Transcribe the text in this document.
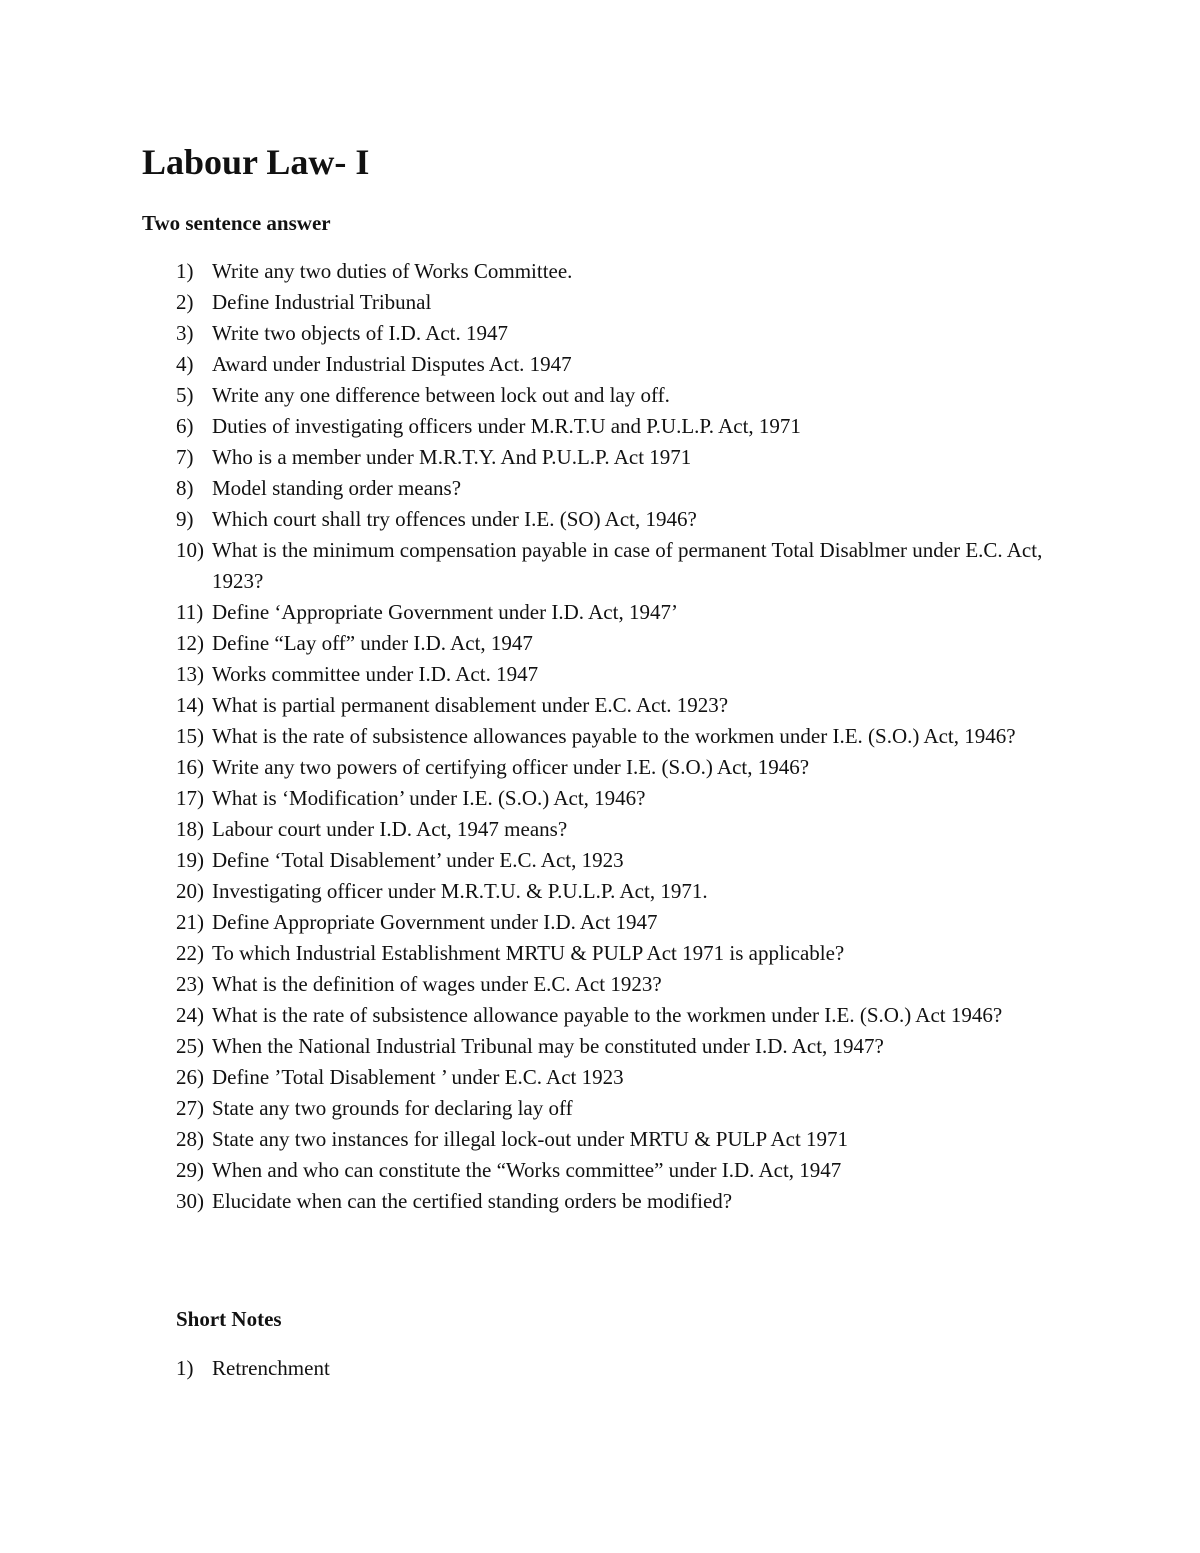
Labour Law- I
Two sentence answer
1) Write any two duties of Works Committee.
2) Define Industrial Tribunal
3) Write two objects of I.D. Act. 1947
4) Award under Industrial Disputes Act. 1947
5) Write any one difference between lock out and lay off.
6) Duties of investigating officers under M.R.T.U and P.U.L.P. Act, 1971
7) Who is a member under M.R.T.Y. And P.U.L.P. Act 1971
8) Model standing order means?
9) Which court shall try offences under I.E. (SO) Act, 1946?
10) What is the minimum compensation payable in case of permanent Total Disablmer under E.C. Act, 1923?
11) Define ‘Appropriate Government under I.D. Act, 1947’
12) Define “Lay off” under I.D. Act, 1947
13) Works committee under I.D. Act. 1947
14) What is partial permanent disablement under E.C. Act. 1923?
15) What is the rate of subsistence allowances payable to the workmen under I.E. (S.O.) Act, 1946?
16) Write any two powers of certifying officer under I.E. (S.O.) Act, 1946?
17) What is ‘Modification’ under I.E. (S.O.) Act, 1946?
18) Labour court under I.D. Act, 1947 means?
19) Define ‘Total Disablement’ under E.C. Act, 1923
20) Investigating officer under M.R.T.U. & P.U.L.P. Act, 1971.
21) Define Appropriate Government under I.D. Act 1947
22) To which Industrial Establishment MRTU & PULP Act 1971 is applicable?
23) What is the definition of wages under E.C. Act 1923?
24) What is the rate of subsistence allowance payable to the workmen under I.E. (S.O.) Act 1946?
25) When the National Industrial Tribunal may be constituted under I.D. Act, 1947?
26) Define ’Total Disablement ’ under E.C. Act 1923
27) State any two grounds for declaring lay off
28) State any two instances for illegal lock-out under MRTU & PULP Act 1971
29) When and who can constitute the “Works committee” under I.D. Act, 1947
30) Elucidate when can the certified standing orders be modified?
Short Notes
1) Retrenchment
